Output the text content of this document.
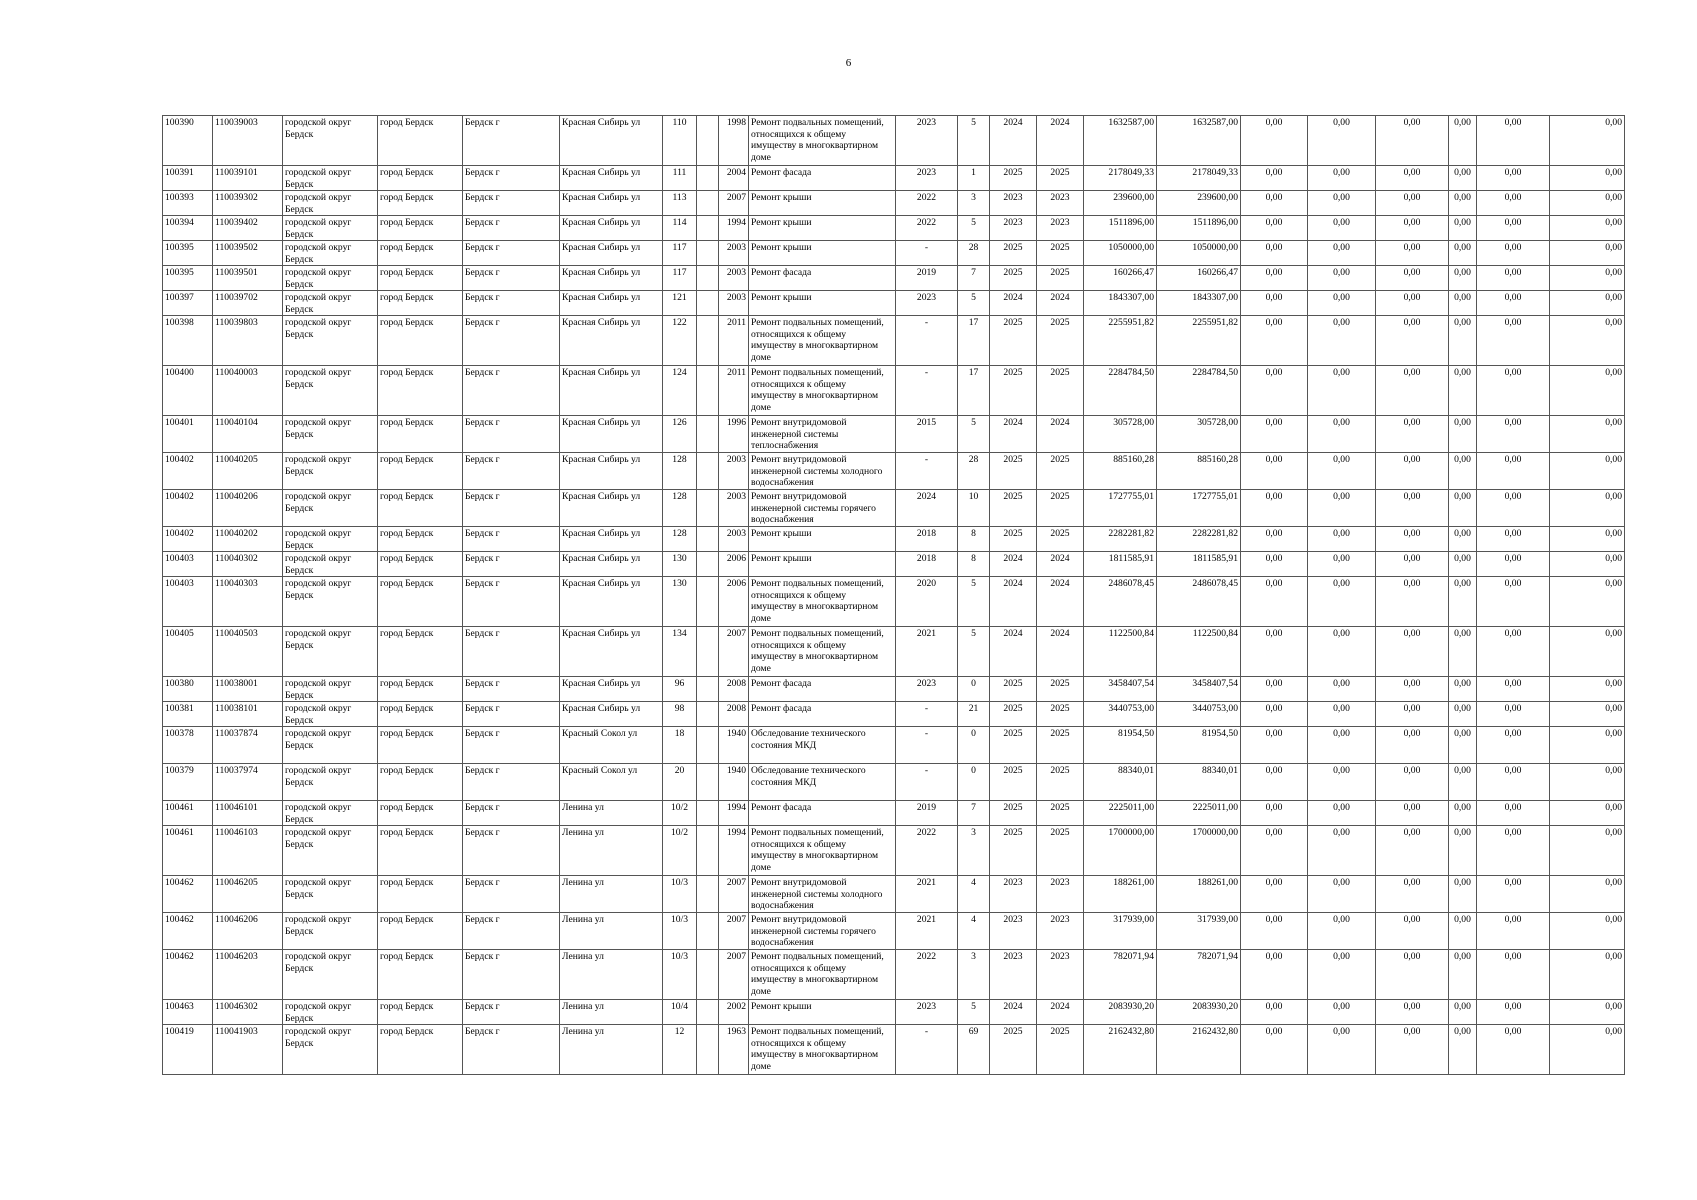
6
100390	110039003	городской округ Бердск	город Бердск	Бердск г	Красная Сибирь ул	110		1998	Ремонт подвальных помещений, относящихся к общему имуществу в многоквартирном доме	2023	5	2024	2024	1632587,00	1632587,00	0,00	0,00	0,00	0,00	0,00	0,00
100391	110039101	городской округ Бердск	город Бердск	Бердск г	Красная Сибирь ул	111		2004	Ремонт фасада	2023	1	2025	2025	2178049,33	2178049,33	0,00	0,00	0,00	0,00	0,00	0,00
100393	110039302	городской округ Бердск	город Бердск	Бердск г	Красная Сибирь ул	113		2007	Ремонт крыши	2022	3	2023	2023	239600,00	239600,00	0,00	0,00	0,00	0,00	0,00	0,00
100394	110039402	городской округ Бердск	город Бердск	Бердск г	Красная Сибирь ул	114		1994	Ремонт крыши	2022	5	2023	2023	1511896,00	1511896,00	0,00	0,00	0,00	0,00	0,00	0,00
100395	110039502	городской округ Бердск	город Бердск	Бердск г	Красная Сибирь ул	117		2003	Ремонт крыши	-	28	2025	2025	1050000,00	1050000,00	0,00	0,00	0,00	0,00	0,00	0,00
100395	110039501	городской округ Бердск	город Бердск	Бердск г	Красная Сибирь ул	117		2003	Ремонт фасада	2019	7	2025	2025	160266,47	160266,47	0,00	0,00	0,00	0,00	0,00	0,00
100397	110039702	городской округ Бердск	город Бердск	Бердск г	Красная Сибирь ул	121		2003	Ремонт крыши	2023	5	2024	2024	1843307,00	1843307,00	0,00	0,00	0,00	0,00	0,00	0,00
100398	110039803	городской округ Бердск	город Бердск	Бердск г	Красная Сибирь ул	122		2011	Ремонт подвальных помещений, относящихся к общему имуществу в многоквартирном доме	-	17	2025	2025	2255951,82	2255951,82	0,00	0,00	0,00	0,00	0,00	0,00
100400	110040003	городской округ Бердск	город Бердск	Бердск г	Красная Сибирь ул	124		2011	Ремонт подвальных помещений, относящихся к общему имуществу в многоквартирном доме	-	17	2025	2025	2284784,50	2284784,50	0,00	0,00	0,00	0,00	0,00	0,00
100401	110040104	городской округ Бердск	город Бердск	Бердск г	Красная Сибирь ул	126		1996	Ремонт внутридомовой инженерной системы теплоснабжения	2015	5	2024	2024	305728,00	305728,00	0,00	0,00	0,00	0,00	0,00	0,00
100402	110040205	городской округ Бердск	город Бердск	Бердск г	Красная Сибирь ул	128		2003	Ремонт внутридомовой инженерной системы холодного водоснабжения	-	28	2025	2025	885160,28	885160,28	0,00	0,00	0,00	0,00	0,00	0,00
100402	110040206	городской округ Бердск	город Бердск	Бердск г	Красная Сибирь ул	128		2003	Ремонт внутридомовой инженерной системы горячего водоснабжения	2024	10	2025	2025	1727755,01	1727755,01	0,00	0,00	0,00	0,00	0,00	0,00
100402	110040202	городской округ Бердск	город Бердск	Бердск г	Красная Сибирь ул	128		2003	Ремонт крыши	2018	8	2025	2025	2282281,82	2282281,82	0,00	0,00	0,00	0,00	0,00	0,00
100403	110040302	городской округ Бердск	город Бердск	Бердск г	Красная Сибирь ул	130		2006	Ремонт крыши	2018	8	2024	2024	1811585,91	1811585,91	0,00	0,00	0,00	0,00	0,00	0,00
100403	110040303	городской округ Бердск	город Бердск	Бердск г	Красная Сибирь ул	130		2006	Ремонт подвальных помещений, относящихся к общему имуществу в многоквартирном доме	2020	5	2024	2024	2486078,45	2486078,45	0,00	0,00	0,00	0,00	0,00	0,00
100405	110040503	городской округ Бердск	город Бердск	Бердск г	Красная Сибирь ул	134		2007	Ремонт подвальных помещений, относящихся к общему имуществу в многоквартирном доме	2021	5	2024	2024	1122500,84	1122500,84	0,00	0,00	0,00	0,00	0,00	0,00
100380	110038001	городской округ Бердск	город Бердск	Бердск г	Красная Сибирь ул	96		2008	Ремонт фасада	2023	0	2025	2025	3458407,54	3458407,54	0,00	0,00	0,00	0,00	0,00	0,00
100381	110038101	городской округ Бердск	город Бердск	Бердск г	Красная Сибирь ул	98		2008	Ремонт фасада	-	21	2025	2025	3440753,00	3440753,00	0,00	0,00	0,00	0,00	0,00	0,00
100378	110037874	городской округ Бердск	город Бердск	Бердск г	Красный Сокол ул	18		1940	Обследование технического состояния МКД	-	0	2025	2025	81954,50	81954,50	0,00	0,00	0,00	0,00	0,00	0,00
100379	110037974	городской округ Бердск	город Бердск	Бердск г	Красный Сокол ул	20		1940	Обследование технического состояния МКД	-	0	2025	2025	88340,01	88340,01	0,00	0,00	0,00	0,00	0,00	0,00
100461	110046101	городской округ Бердск	город Бердск	Бердск г	Ленина ул	10/2		1994	Ремонт фасада	2019	7	2025	2025	2225011,00	2225011,00	0,00	0,00	0,00	0,00	0,00	0,00
100461	110046103	городской округ Бердск	город Бердск	Бердск г	Ленина ул	10/2		1994	Ремонт подвальных помещений, относящихся к общему имуществу в многоквартирном доме	2022	3	2025	2025	1700000,00	1700000,00	0,00	0,00	0,00	0,00	0,00	0,00
100462	110046205	городской округ Бердск	город Бердск	Бердск г	Ленина ул	10/3		2007	Ремонт внутридомовой инженерной системы холодного водоснабжения	2021	4	2023	2023	188261,00	188261,00	0,00	0,00	0,00	0,00	0,00	0,00
100462	110046206	городской округ Бердск	город Бердск	Бердск г	Ленина ул	10/3		2007	Ремонт внутридомовой инженерной системы горячего водоснабжения	2021	4	2023	2023	317939,00	317939,00	0,00	0,00	0,00	0,00	0,00	0,00
100462	110046203	городской округ Бердск	город Бердск	Бердск г	Ленина ул	10/3		2007	Ремонт подвальных помещений, относящихся к общему имуществу в многоквартирном доме	2022	3	2023	2023	782071,94	782071,94	0,00	0,00	0,00	0,00	0,00	0,00
100463	110046302	городской округ Бердск	город Бердск	Бердск г	Ленина ул	10/4		2002	Ремонт крыши	2023	5	2024	2024	2083930,20	2083930,20	0,00	0,00	0,00	0,00	0,00	0,00
100419	110041903	городской округ Бердск	город Бердск	Бердск г	Ленина ул	12		1963	Ремонт подвальных помещений, относящихся к общему имуществу в многоквартирном доме	-	69	2025	2025	2162432,80	2162432,80	0,00	0,00	0,00	0,00	0,00	0,00
